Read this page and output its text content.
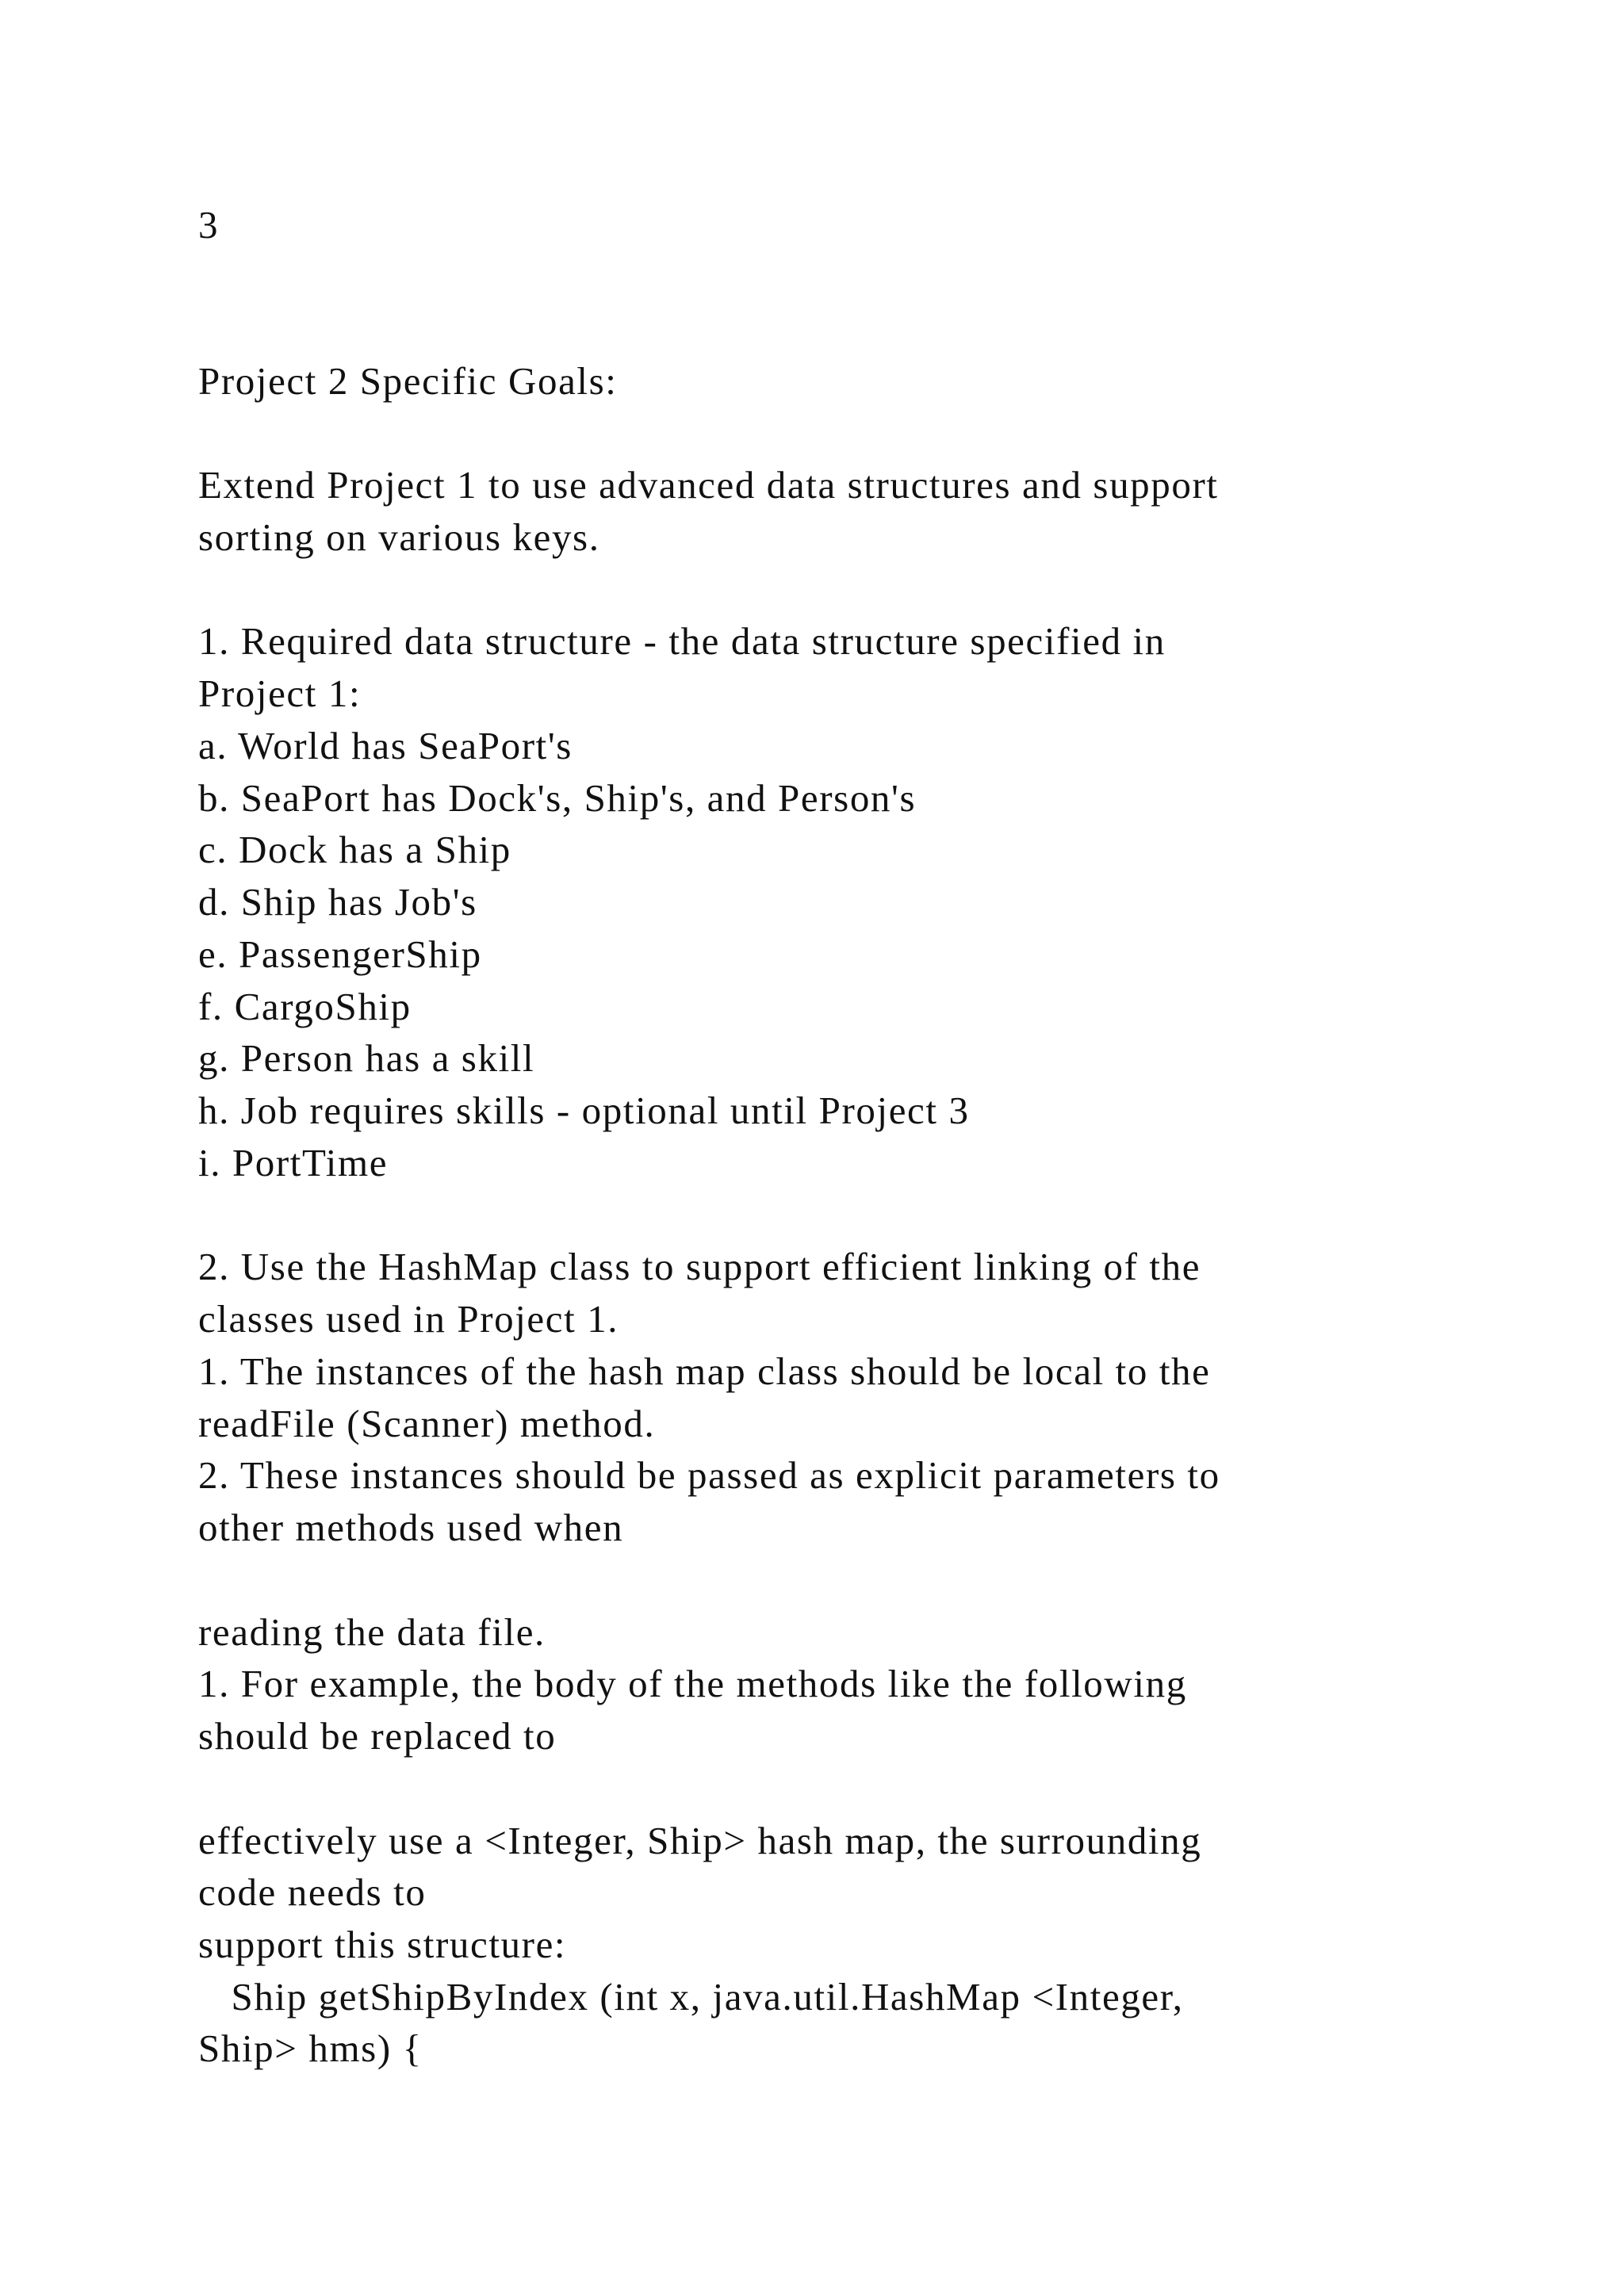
3
Project 2 Specific Goals:
Extend Project 1 to use advanced data structures and support
sorting on various keys.
1. Required data structure - the data structure specified in
Project 1:
a. World has SeaPort's
b. SeaPort has Dock's, Ship's, and Person's
c. Dock has a Ship
d. Ship has Job's
e. PassengerShip
f. CargoShip
g. Person has a skill
h. Job requires skills - optional until Project 3
i. PortTime
2. Use the HashMap class to support efficient linking of the
classes used in Project 1.
1. The instances of the hash map class should be local to the
readFile (Scanner) method.
2. These instances should be passed as explicit parameters to
other methods used when
reading the data file.
1. For example, the body of the methods like the following
should be replaced to
effectively use a <Integer, Ship> hash map, the surrounding
code needs to
support this structure:
Ship getShipByIndex (int x, java.util.HashMap <Integer,
Ship> hms) {
